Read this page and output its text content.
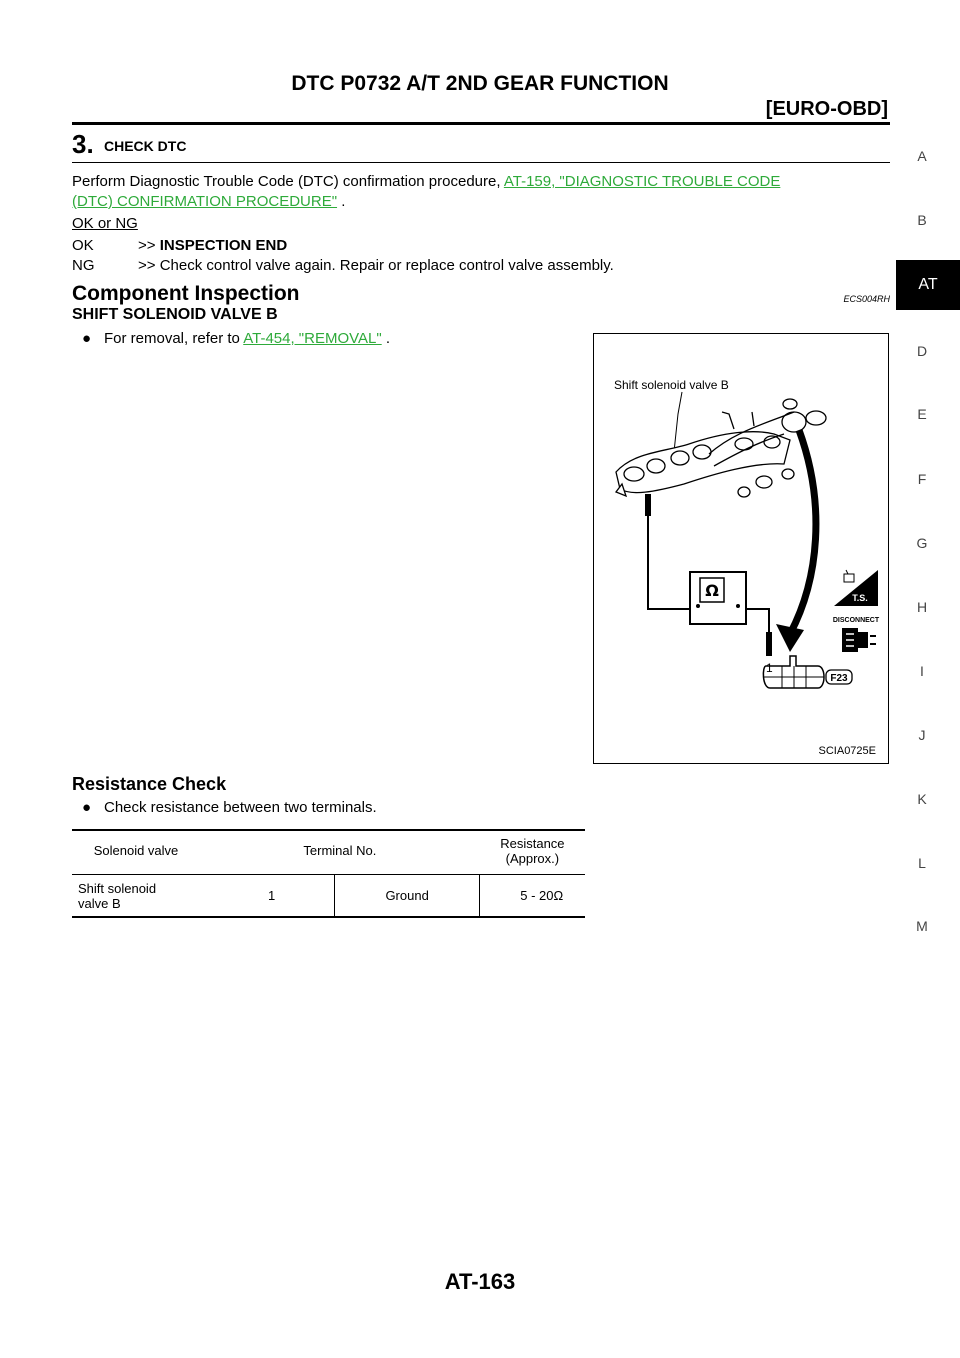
DTC P0732 A/T 2ND GEAR FUNCTION
[EURO-OBD]
3. CHECK DTC
Perform Diagnostic Trouble Code (DTC) confirmation procedure, AT-159, "DIAGNOSTIC TROUBLE CODE
(DTC) CONFIRMATION PROCEDURE" .
OK or NG
OK	>> INSPECTION END
NG	>> Check control valve again. Repair or replace control valve assembly.
Component Inspection	ECS004RH
SHIFT SOLENOID VALVE B
● For removal, refer to AT-454, "REMOVAL" .
Shift solenoid valve B
Ω
F23
1
T.S.
DISCONNECT
SCIA0725E
Resistance Check
● Check resistance between two terminals.
Solenoid valve	Terminal No.		Resistance
(Approx.)
Shift solenoid
valve B	1	Ground	5 - 20Ω
A
B
AT
D
E
F
G
H
I
J
K
L
M
AT-163
